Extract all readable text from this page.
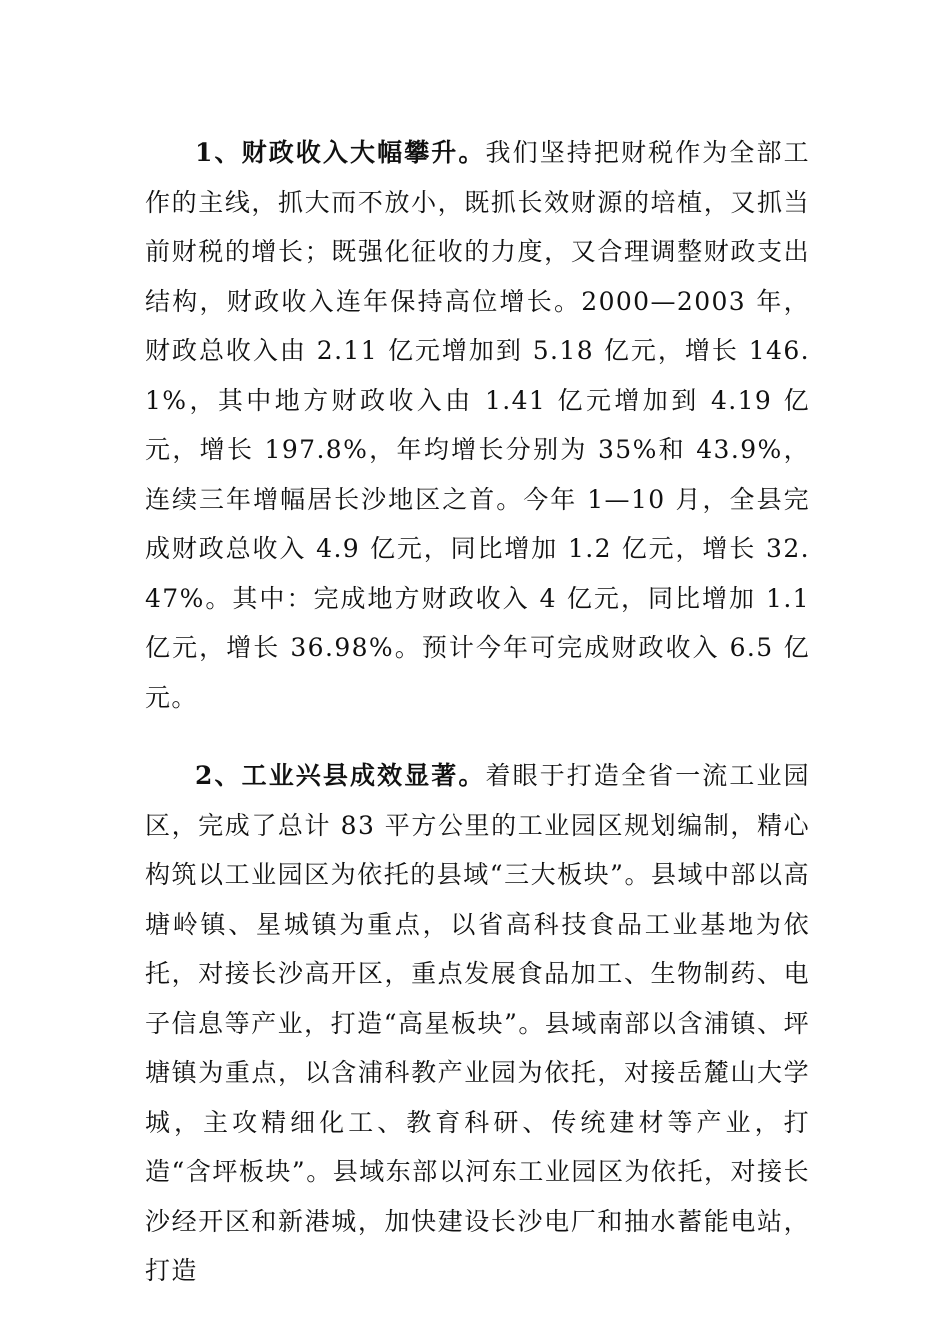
1、财政收入大幅攀升。我们坚持把财税作为全部工作的主线，抓大而不放小，既抓长效财源的培植，又抓当前财税的增长；既强化征收的力度，又合理调整财政支出结构，财政收入连年保持高位增长。2000—2003 年，财政总收入由 2.11 亿元增加到 5.18 亿元，增长 146.1%，其中地方财政收入由 1.41 亿元增加到 4.19 亿元，增长 197.8%，年均增长分别为 35%和 43.9%，连续三年增幅居长沙地区之首。今年 1—10 月，全县完成财政总收入 4.9 亿元，同比增加 1.2 亿元，增长 32.47%。其中：完成地方财政收入 4 亿元，同比增加 1.1 亿元，增长 36.98%。预计今年可完成财政收入 6.5 亿元。

2、工业兴县成效显著。着眼于打造全省一流工业园区，完成了总计 83 平方公里的工业园区规划编制，精心构筑以工业园区为依托的县域“三大板块”。县域中部以高塘岭镇、星城镇为重点，以省高科技食品工业基地为依托，对接长沙高开区，重点发展食品加工、生物制药、电子信息等产业，打造“高星板块”。县域南部以含浦镇、坪塘镇为重点，以含浦科教产业园为依托，对接岳麓山大学城，主攻精细化工、教育科研、传统建材等产业，打造“含坪板块”。县域东部以河东工业园区为依托，对接长沙经开区和新港城，加快建设长沙电厂和抽水蓄能电站，打造
